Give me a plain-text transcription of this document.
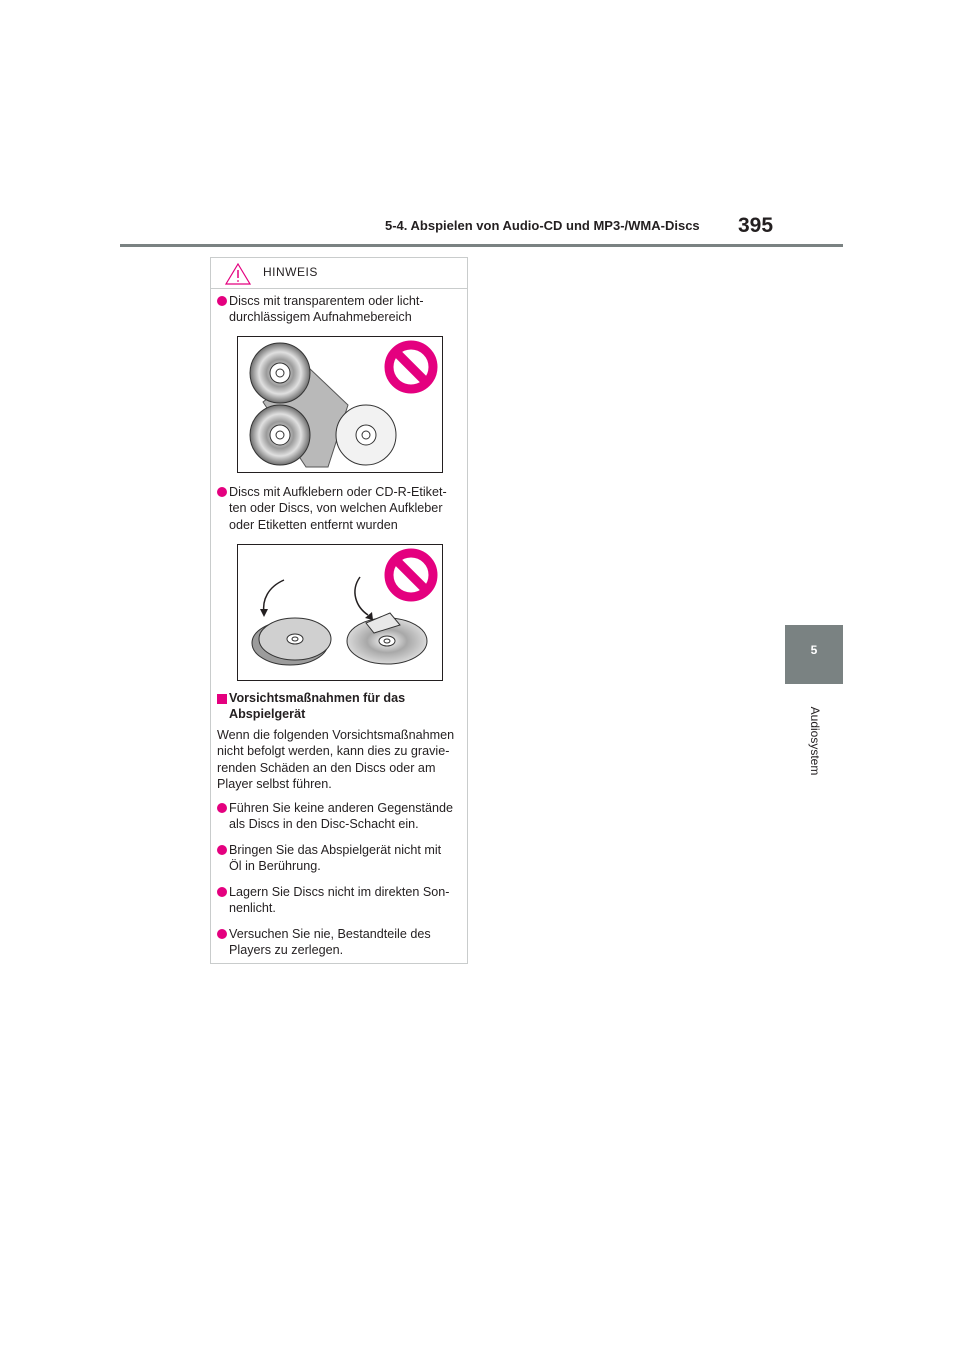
5-4. Abspielen von Audio-CD und MP3-/WMA-Discs 395
5
Audiosystem
HINWEIS
Discs mit transparentem oder licht-
durchlässigem Aufnahmebereich
Discs mit Aufklebern oder CD-R-Etiket-
ten oder Discs, von welchen Aufkleber
oder Etiketten entfernt wurden
Vorsichtsmaßnahmen für das
Abspielgerät
Wenn die folgenden Vorsichtsmaßnahmen
nicht befolgt werden, kann dies zu gravie-
renden Schäden an den Discs oder am
Player selbst führen.
Führen Sie keine anderen Gegenstände
als Discs in den Disc-Schacht ein.
Bringen Sie das Abspielgerät nicht mit
Öl in Berührung.
Lagern Sie Discs nicht im direkten Son-
nenlicht.
Versuchen Sie nie, Bestandteile des
Players zu zerlegen.
